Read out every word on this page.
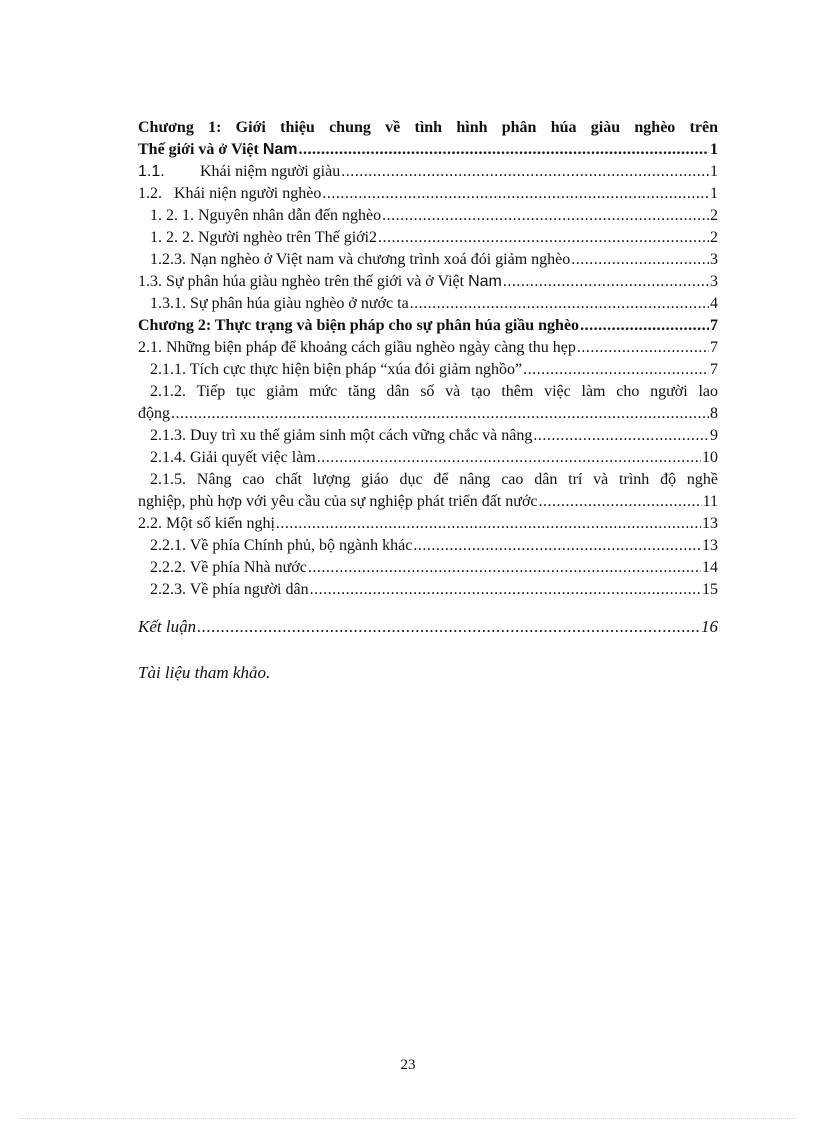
Chương 1: Giới thiệu chung về tình hình phân húa giàu nghèo trên
Thế giới và ở Việt Nam .....	1
1.1. Khái niệm người giàu .....	1
1.2.   Khái niện người nghèo .....	1
1. 2. 1. Nguyên nhân dẫn đến nghèo .....	2
1. 2. 2. Người nghèo trên Thế giới2 .....	2
1.2.3. Nạn nghèo ở Việt nam và chương trình xoá đói giảm nghèo .....	3
1.3. Sự phân húa giàu nghèo trên thế giới và ở Việt Nam .....	3
1.3.1. Sự phân húa giàu nghèo ở nước ta .....	4
Chương 2: Thực trạng và biện pháp cho sự phân húa giầu nghèo .....	7
2.1. Những biện pháp để khoảng cách giầu nghèo ngày càng thu hẹp .....	7
2.1.1. Tích cực thực hiện biện pháp “xúa đói giảm nghồo” .....	7
2.1.2. Tiếp tục giảm mức tăng dân số và tạo thêm việc làm cho người lao
động .....	8
2.1.3. Duy trì xu thế giảm sinh một cách vững chắc và nâng .....	9
2.1.4. Giải quyết việc làm .....	10
2.1.5. Nâng cao chất lượng giáo dục để nâng cao dân trí và trình độ nghề
nghiệp, phù hợp với yêu cầu của sự nghiệp phát triển đất nước .....	11
2.2. Một số kiến nghị .....	13
2.2.1. Về phía Chính phủ, bộ ngành khác .....	13
2.2.2. Về phía Nhà nước .....	14
2.2.3. Về phía người dân .....	15
Kết luận .....	16
Tài liệu tham khảo.
23
